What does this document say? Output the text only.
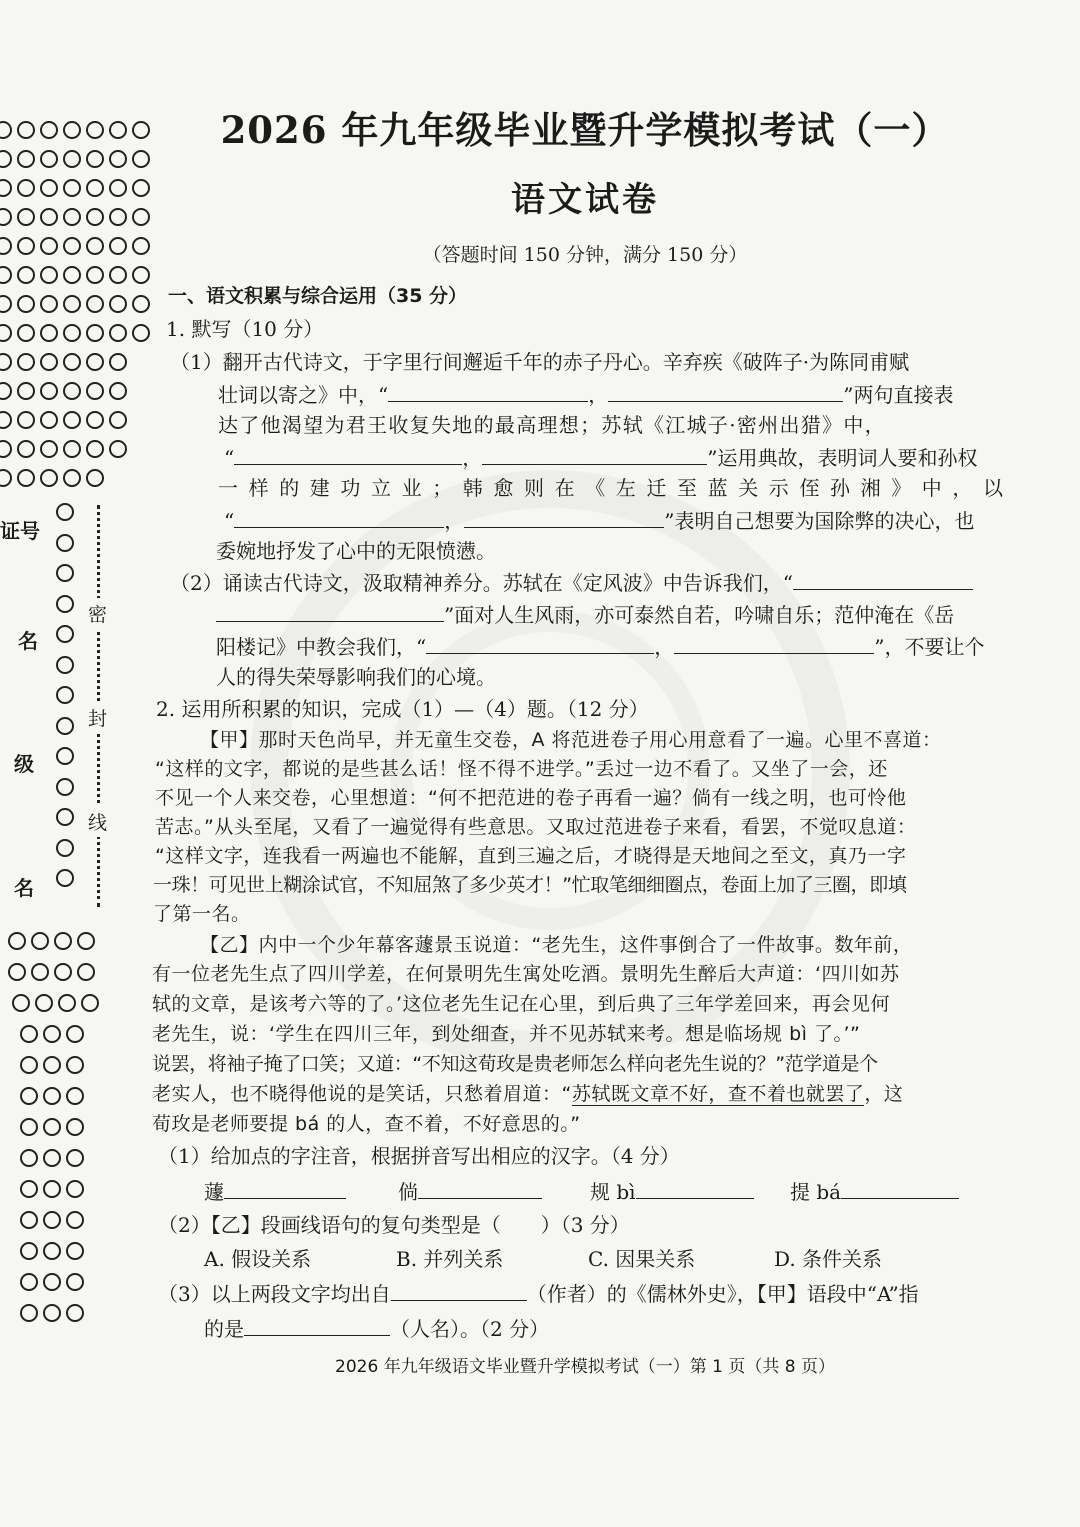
证号
名
级
名
密
封
线
2026 年九年级毕业暨升学模拟考试（一）
语文试卷
（答题时间 150 分钟，满分 150 分）
一、语文积累与综合运用（35 分）
1. 默写（10 分）
（1）翻开古代诗文，于字里行间邂逅千年的赤子丹心。辛弃疾《破阵子·为陈同甫赋
壮词以寄之》中，“	，	”两句直接表
达了他渴望为君王收复失地的最高理想；苏轼《江城子·密州出猎》中，
“	，	”运用典故，表明词人要和孙权
一样的建功立业；韩愈则在《左迁至蓝关示侄孙湘》中，以
“	，	”表明自己想要为国除弊的决心，也
委婉地抒发了心中的无限愤懑。
（2）诵读古代诗文，汲取精神养分。苏轼在《定风波》中告诉我们，“
”面对人生风雨，亦可泰然自若，吟啸自乐；范仲淹在《岳
阳楼记》中教会我们，“	，	”，不要让个
人的得失荣辱影响我们的心境。
2. 运用所积累的知识，完成（1）—（4）题。（12 分）
【甲】那时天色尚早，并无童生交卷，A 将范进卷子用心用意看了一遍。心里不喜道：
“这样的文字，都说的是些甚么话！怪不得不进学。”丢过一边不看了。又坐了一会，还
不见一个人来交卷，心里想道：“何不把范进的卷子再看一遍？倘有一线之明，也可怜他
苦志。”从头至尾，又看了一遍觉得有些意思。又取过范进卷子来看，看罢，不觉叹息道：
“这样文字，连我看一两遍也不能解，直到三遍之后，才晓得是天地间之至文，真乃一字
一珠！可见世上糊涂试官，不知屈煞了多少英才！”忙取笔细细圈点，卷面上加了三圈，即填
了第一名。
【乙】内中一个少年幕客蘧景玉说道：“老先生，这件事倒合了一件故事。数年前，
有一位老先生点了四川学差，在何景明先生寓处吃酒。景明先生醉后大声道：‘四川如苏
轼的文章，是该考六等的了。’这位老先生记在心里，到后典了三年学差回来，再会见何
老先生，说：‘学生在四川三年，到处细查，并不见苏轼来考。想是临场规 bì 了。’”
说罢，将袖子掩了口笑；又道：“不知这荀玫是贵老师怎么样向老先生说的？”范学道是个
老实人，也不晓得他说的是笑话，只愁着眉道：“苏轼既文章不好，查不着也就罢了，这
荀玫是老师要提 bá 的人，查不着，不好意思的。”
（1）给加点的字注音，根据拼音写出相应的汉字。（4 分）
蘧	倘	规 bì	提 bá
（2）【乙】段画线语句的复句类型是（　　）（3 分）
A. 假设关系	B. 并列关系	C. 因果关系	D. 条件关系
（3）以上两段文字均出自	（作者）的《儒林外史》，【甲】语段中“A”指
的是	（人名）。（2 分）
2026 年九年级语文毕业暨升学模拟考试（一）第 1 页（共 8 页）
